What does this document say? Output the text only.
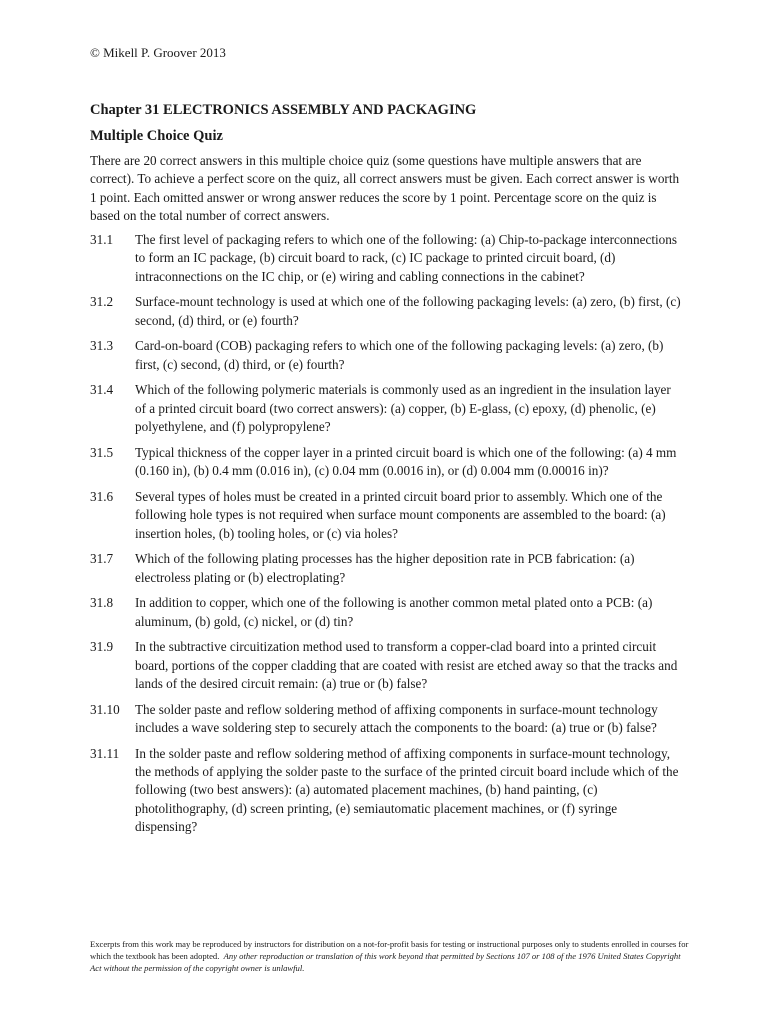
© Mikell P. Groover 2013
Chapter 31 ELECTRONICS ASSEMBLY AND PACKAGING
Multiple Choice Quiz

There are 20 correct answers in this multiple choice quiz (some questions have multiple answers that are correct). To achieve a perfect score on the quiz, all correct answers must be given. Each correct answer is worth 1 point. Each omitted answer or wrong answer reduces the score by 1 point. Percentage score on the quiz is based on the total number of correct answers.

31.1	The first level of packaging refers to which one of the following: (a) Chip-to-package interconnections to form an IC package, (b) circuit board to rack, (c) IC package to printed circuit board, (d) intraconnections on the IC chip, or (e) wiring and cabling connections in the cabinet?
31.2	Surface-mount technology is used at which one of the following packaging levels: (a) zero, (b) first, (c) second, (d) third, or (e) fourth?
31.3	Card-on-board (COB) packaging refers to which one of the following packaging levels: (a) zero, (b) first, (c) second, (d) third, or (e) fourth?
31.4	Which of the following polymeric materials is commonly used as an ingredient in the insulation layer of a printed circuit board (two correct answers): (a) copper, (b) E-glass, (c) epoxy, (d) phenolic, (e) polyethylene, and (f) polypropylene?
31.5	Typical thickness of the copper layer in a printed circuit board is which one of the following: (a) 4 mm (0.160 in), (b) 0.4 mm (0.016 in), (c) 0.04 mm (0.0016 in), or (d) 0.004 mm (0.00016 in)?
31.6	Several types of holes must be created in a printed circuit board prior to assembly. Which one of the following hole types is not required when surface mount components are assembled to the board: (a) insertion holes, (b) tooling holes, or (c) via holes?
31.7	Which of the following plating processes has the higher deposition rate in PCB fabrication: (a) electroless plating or (b) electroplating?
31.8	In addition to copper, which one of the following is another common metal plated onto a PCB: (a) aluminum, (b) gold, (c) nickel, or (d) tin?
31.9	In the subtractive circuitization method used to transform a copper-clad board into a printed circuit board, portions of the copper cladding that are coated with resist are etched away so that the tracks and lands of the desired circuit remain: (a) true or (b) false?
31.10	The solder paste and reflow soldering method of affixing components in surface-mount technology includes a wave soldering step to securely attach the components to the board: (a) true or (b) false?
31.11	In the solder paste and reflow soldering method of affixing components in surface-mount technology, the methods of applying the solder paste to the surface of the printed circuit board include which of the following (two best answers): (a) automated placement machines, (b) hand painting, (c) photolithography, (d) screen printing, (e) semiautomatic placement machines, or (f) syringe dispensing?

Excerpts from this work may be reproduced by instructors for distribution on a not-for-profit basis for testing or instructional purposes only to students enrolled in courses for which the textbook has been adopted. Any other reproduction or translation of this work beyond that permitted by Sections 107 or 108 of the 1976 United States Copyright Act without the permission of the copyright owner is unlawful.
